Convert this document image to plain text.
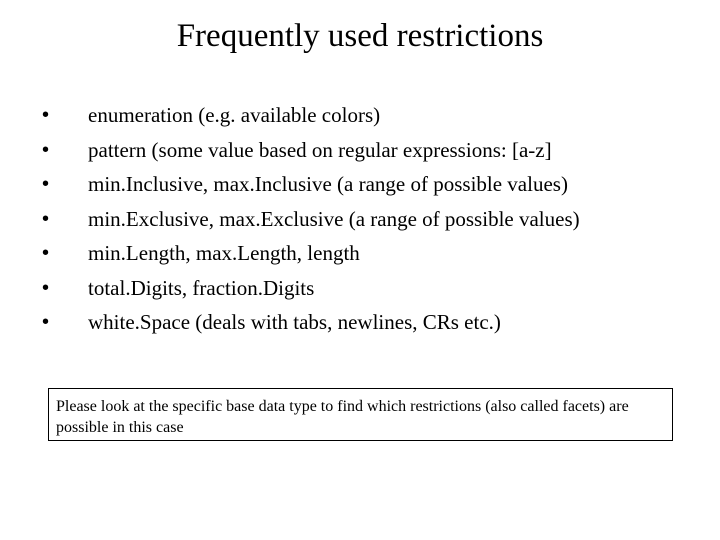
Frequently used restrictions
•	enumeration (e.g. available colors)
•	pattern (some value based on regular expressions: [a-z]
•	min.Inclusive, max.Inclusive (a range of possible values)
•	min.Exclusive, max.Exclusive (a range of possible values)
•	min.Length, max.Length, length
•	total.Digits, fraction.Digits
•	white.Space (deals with tabs, newlines, CRs etc.)
Please look at the specific base data type to find which restrictions (also called facets) are possible in this case
